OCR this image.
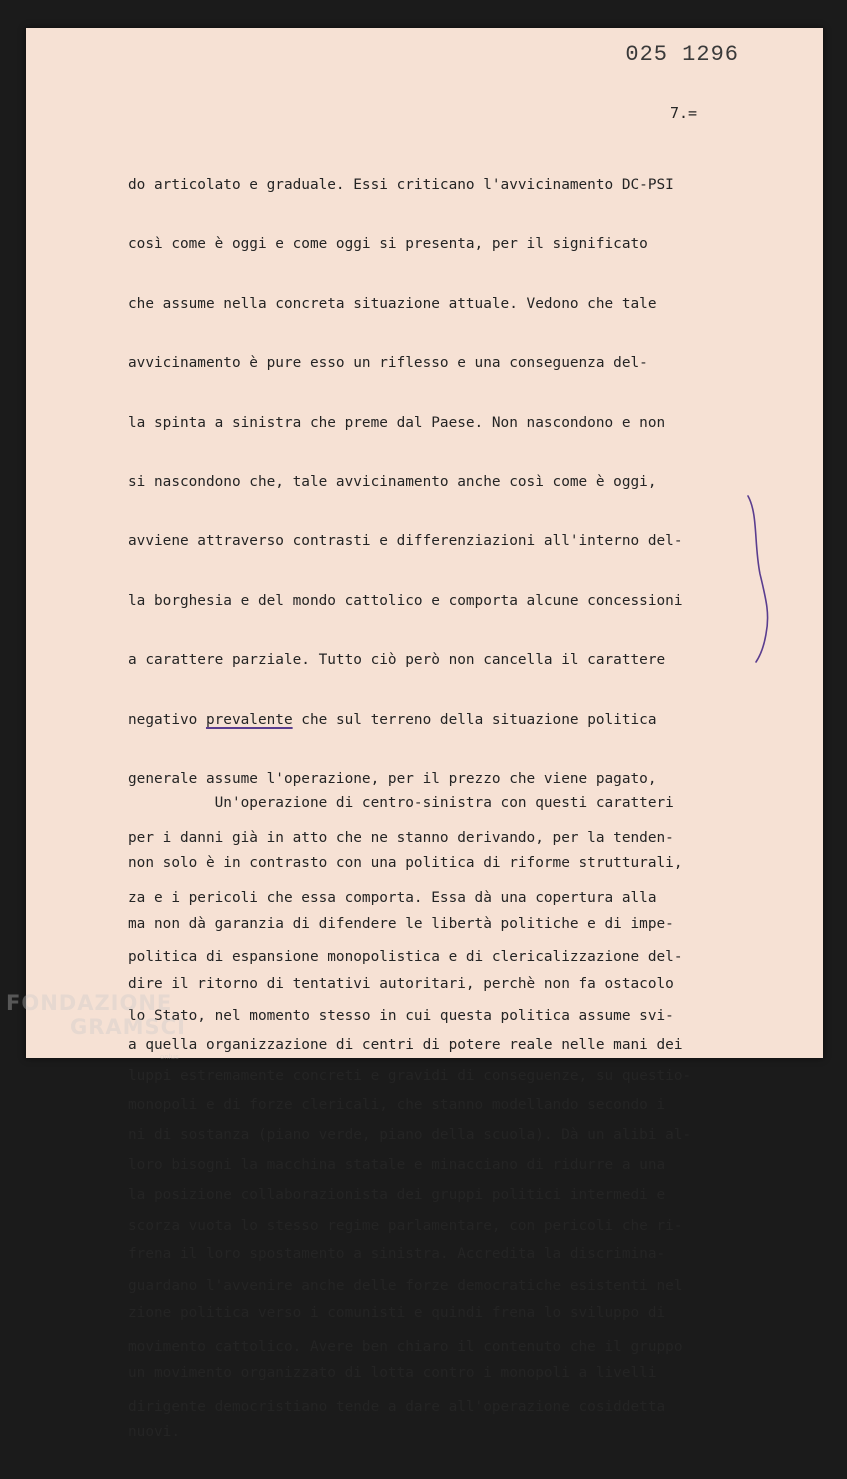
025 1296
7.=

do articolato e graduale. Essi criticano l'avvicinamento DC-PSI

così come è oggi e come oggi si presenta, per il significato

che assume nella concreta situazione attuale. Vedono che tale

avvicinamento è pure esso un riflesso e una conseguenza del-

la spinta a sinistra che preme dal Paese. Non nascondono e non

si nascondono che, tale avvicinamento anche così come è oggi,

avviene attraverso contrasti e differenziazioni all'interno del-

la borghesia e del mondo cattolico e comporta alcune concessioni

a carattere parziale. Tutto ciò però non cancella il carattere

negativo prevalente che sul terreno della situazione politica

generale assume l'operazione, per il prezzo che viene pagato,

per i danni già in atto che ne stanno derivando, per la tenden-

za e i pericoli che essa comporta. Essa dà una copertura alla

politica di espansione monopolistica e di clericalizzazione del-

lo Stato, nel momento stesso in cui questa politica assume svi-

luppi estremamente concreti e gravidi di conseguenze, su questio-

ni di sostanza (piano verde, piano della scuola). Dà un alibi al-

la posizione collaborazionista dei gruppi politici intermedi e

frena il loro spostamento a sinistra. Accredita la discrimina-

zione politica verso i comunisti e quindi frena lo sviluppo di

un movimento organizzato di lotta contro i monopoli a livelli

nuovi.

Un'operazione di centro-sinistra con questi caratteri

non solo è in contrasto con una politica di riforme strutturali,

ma non dà garanzia di difendere le libertà politiche e di impe-

dire il ritorno di tentativi autoritari, perchè non fa ostacolo

a quella organizzazione di centri di potere reale nelle mani dei

monopoli e di forze clericali, che stanno modellando secondo i

loro bisogni la macchina statale e minacciano di ridurre a una

scorza vuota lo stesso regime parlamentare, con pericoli che ri-

guardano l'avvenire anche delle forze democratiche esistenti nel

movimento cattolico. Avere ben chiaro il contenuto che il gruppo

dirigente democristiano tende a dare all'operazione cosiddetta

FONDAZIONE
GRAMSCI
onlus
